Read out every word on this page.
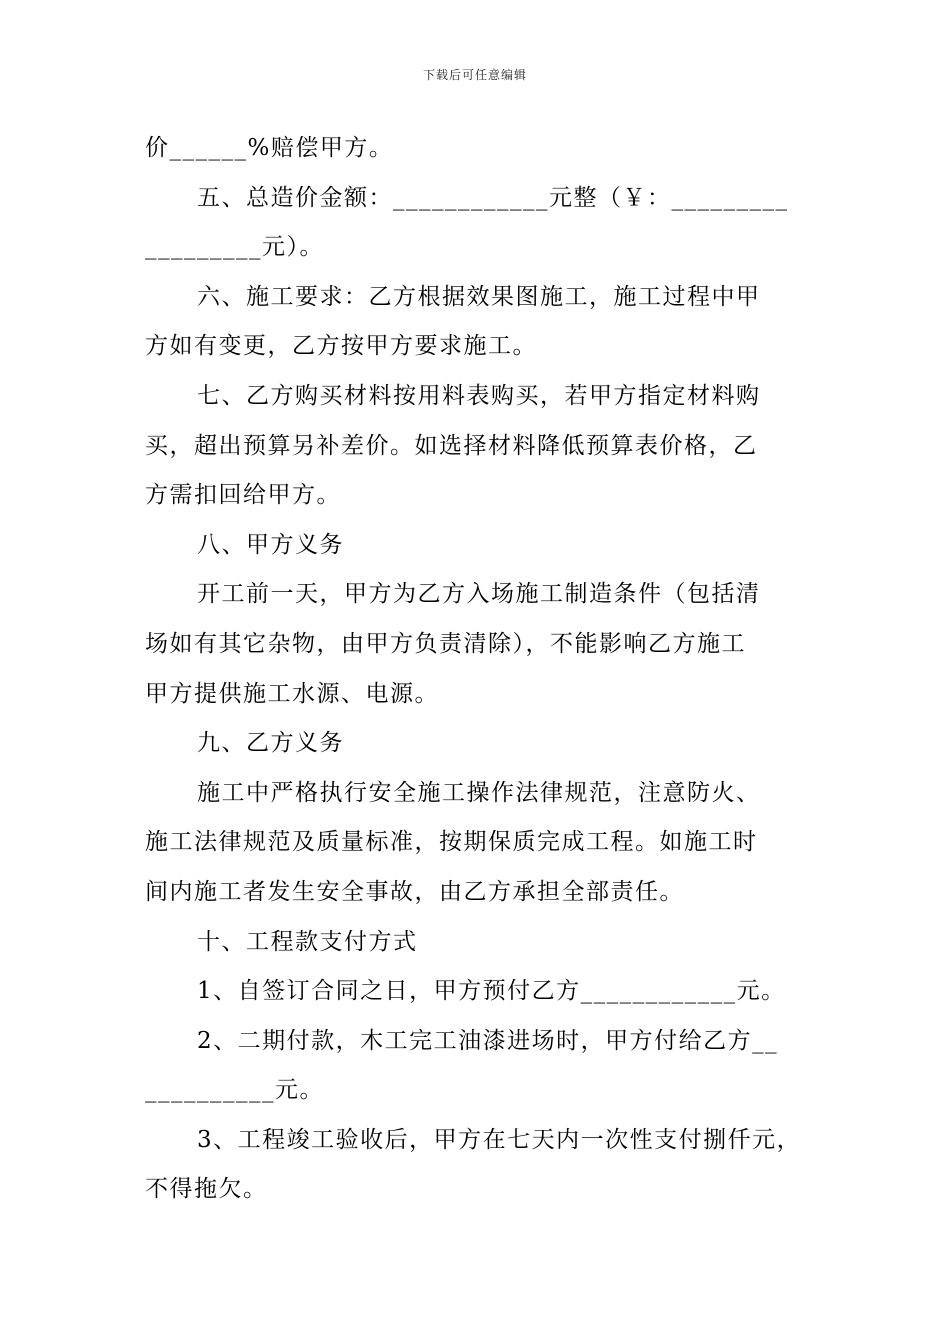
下载后可任意编辑
价______%赔偿甲方。
五、总造价金额：____________元整（￥：_________
_________元）。
六、施工要求：乙方根据效果图施工，施工过程中甲
方如有变更，乙方按甲方要求施工。
七、乙方购买材料按用料表购买，若甲方指定材料购
买，超出预算另补差价。如选择材料降低预算表价格，乙
方需扣回给甲方。
八、甲方义务
开工前一天，甲方为乙方入场施工制造条件（包括清
场如有其它杂物，由甲方负责清除），不能影响乙方施工
甲方提供施工水源、电源。
九、乙方义务
施工中严格执行安全施工操作法律规范，注意防火、
施工法律规范及质量标准，按期保质完成工程。如施工时
间内施工者发生安全事故，由乙方承担全部责任。
十、工程款支付方式
1、自签订合同之日，甲方预付乙方____________元。
2、二期付款，木工完工油漆进场时，甲方付给乙方__
__________元。
3、工程竣工验收后，甲方在七天内一次性支付捌仟元，
不得拖欠。
